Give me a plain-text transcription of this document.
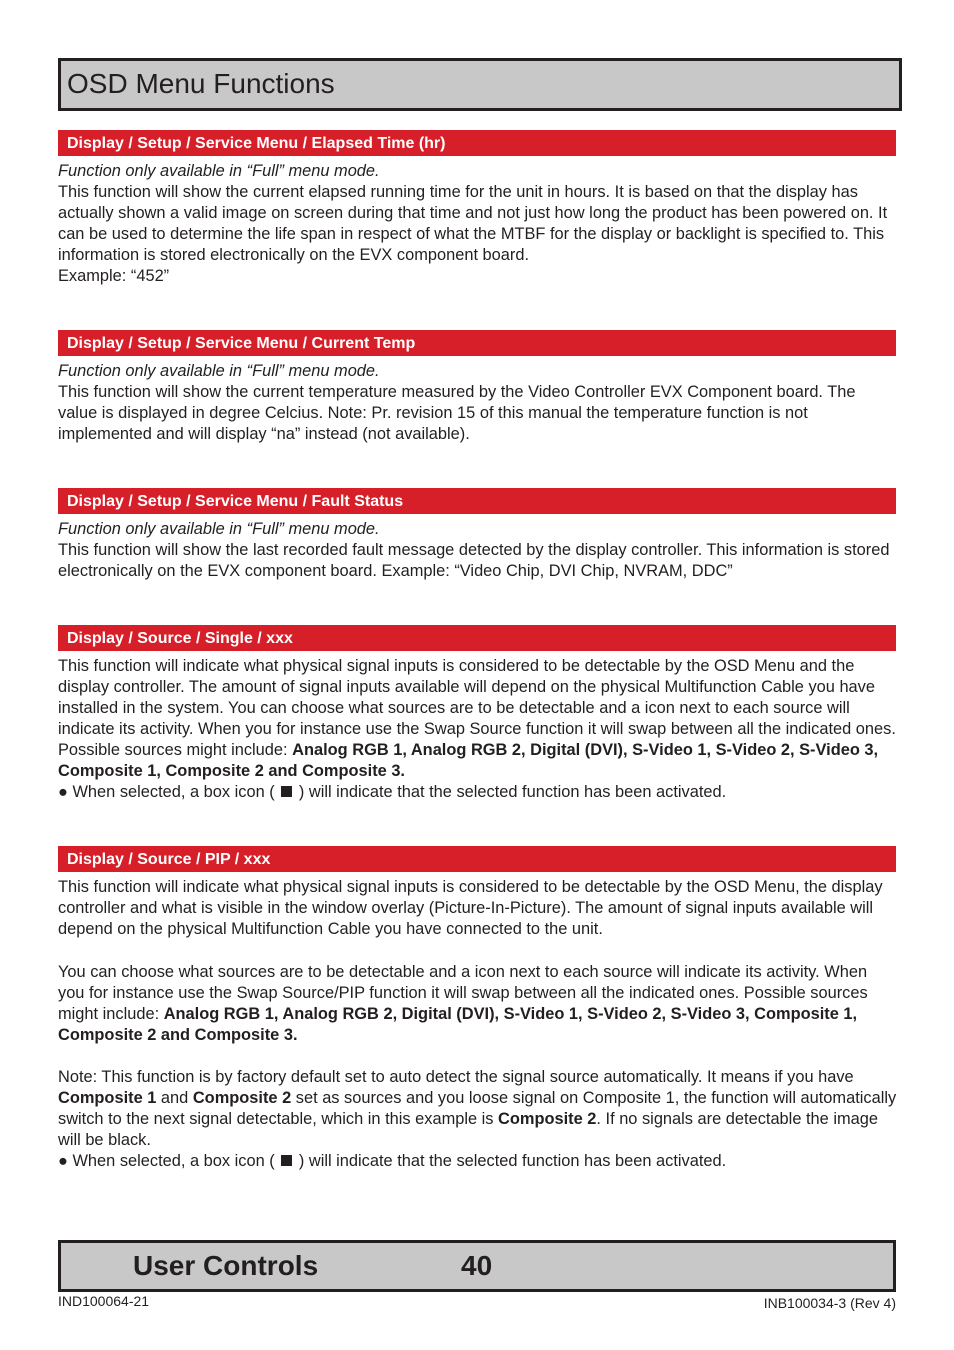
OSD Menu Functions
Display / Setup / Service Menu / Elapsed Time (hr)
Function only available in “Full” menu mode.
This function will show the current elapsed running time for the unit in hours. It is based on that the display has actually shown a valid image on screen during that time and not just how long the product has been powered on. It can be used to determine the life span in respect of what the MTBF for the display or backlight is specified to. This information is stored electronically on the EVX component board.
Example: “452”
Display / Setup / Service Menu / Current Temp
Function only available in “Full” menu mode.
This function will show the current temperature measured by the Video Controller EVX Component board. The value is displayed in degree Celcius. Note: Pr. revision 15 of this manual the temperature function is not implemented and will display “na” instead (not available).
Display / Setup / Service Menu / Fault Status
Function only available in “Full” menu mode.
This function will show the last recorded fault message detected by the display controller. This information is stored electronically on the EVX component board. Example: “Video Chip, DVI Chip, NVRAM, DDC”
Display / Source / Single / xxx
This function will indicate what physical signal inputs is considered to be detectable by the OSD Menu and the display controller. The amount of signal inputs available will depend on the physical Multifunction Cable you have installed in the system. You can choose what sources are to be detectable and a icon next to each source will indicate its activity. When you for instance use the Swap Source function it will swap between all the indicated ones. Possible sources might include: Analog RGB 1, Analog RGB 2, Digital (DVI), S-Video 1, S-Video 2, S-Video 3, Composite 1, Composite 2 and Composite 3.
● When selected, a box icon ( ) will indicate that the selected function has been activated.
Display / Source / PIP / xxx
This function will indicate what physical signal inputs is considered to be detectable by the OSD Menu, the display controller and what is visible in the window overlay (Picture-In-Picture). The amount of signal inputs available will depend on the physical Multifunction Cable you have connected to the unit.
You can choose what sources are to be detectable and a icon next to each source will indicate its activity. When you for instance use the Swap Source/PIP function it will swap between all the indicated ones. Possible sources might include: Analog RGB 1, Analog RGB 2, Digital (DVI), S-Video 1, S-Video 2, S-Video 3, Composite 1, Composite 2 and Composite 3.
Note: This function is by factory default set to auto detect the signal source automatically. It means if you have Composite 1 and Composite 2 set as sources and you loose signal on Composite 1, the function will automatically switch to the next signal detectable, which in this example is Composite 2. If no signals are detectable the image will be black.
● When selected, a box icon ( ) will indicate that the selected function has been activated.
User Controls	40
IND100064-21	INB100034-3 (Rev 4)
